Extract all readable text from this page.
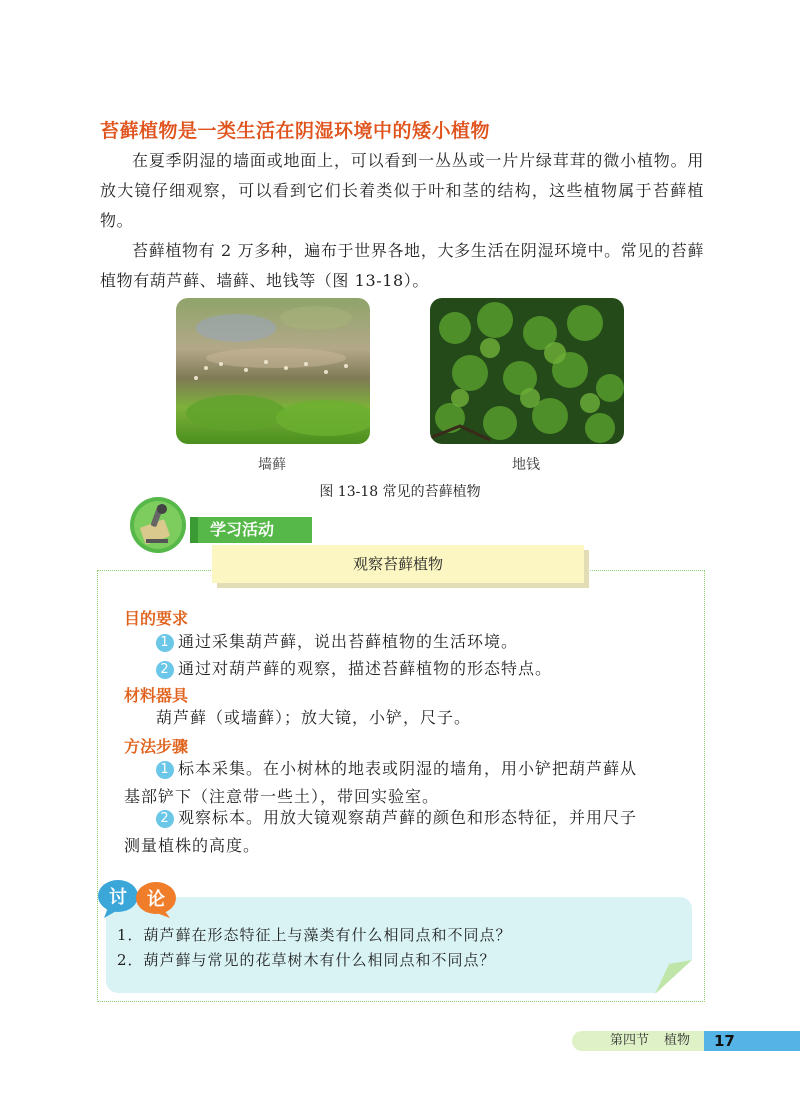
苔藓植物是一类生活在阴湿环境中的矮小植物
在夏季阴湿的墙面或地面上，可以看到一丛丛或一片片绿茸茸的微小植物。用放大镜仔细观察，可以看到它们长着类似于叶和茎的结构，这些植物属于苔藓植物。
苔藓植物有 2 万多种，遍布于世界各地，大多生活在阴湿环境中。常见的苔藓植物有葫芦藓、墙藓、地钱等（图 13-18）。
墙藓	地钱
图 13-18 常见的苔藓植物
学习活动
观察苔藓植物
目的要求
1 通过采集葫芦藓，说出苔藓植物的生活环境。
2 通过对葫芦藓的观察，描述苔藓植物的形态特点。
材料器具
葫芦藓（或墙藓）；放大镜，小铲，尺子。
方法步骤
1 标本采集。在小树林的地表或阴湿的墙角，用小铲把葫芦藓从
基部铲下（注意带一些土），带回实验室。
2 观察标本。用放大镜观察葫芦藓的颜色和形态特征，并用尺子
测量植株的高度。
讨 论
1．葫芦藓在形态特征上与藻类有什么相同点和不同点？
2．葫芦藓与常见的花草树木有什么相同点和不同点？
第四节 植物	17
